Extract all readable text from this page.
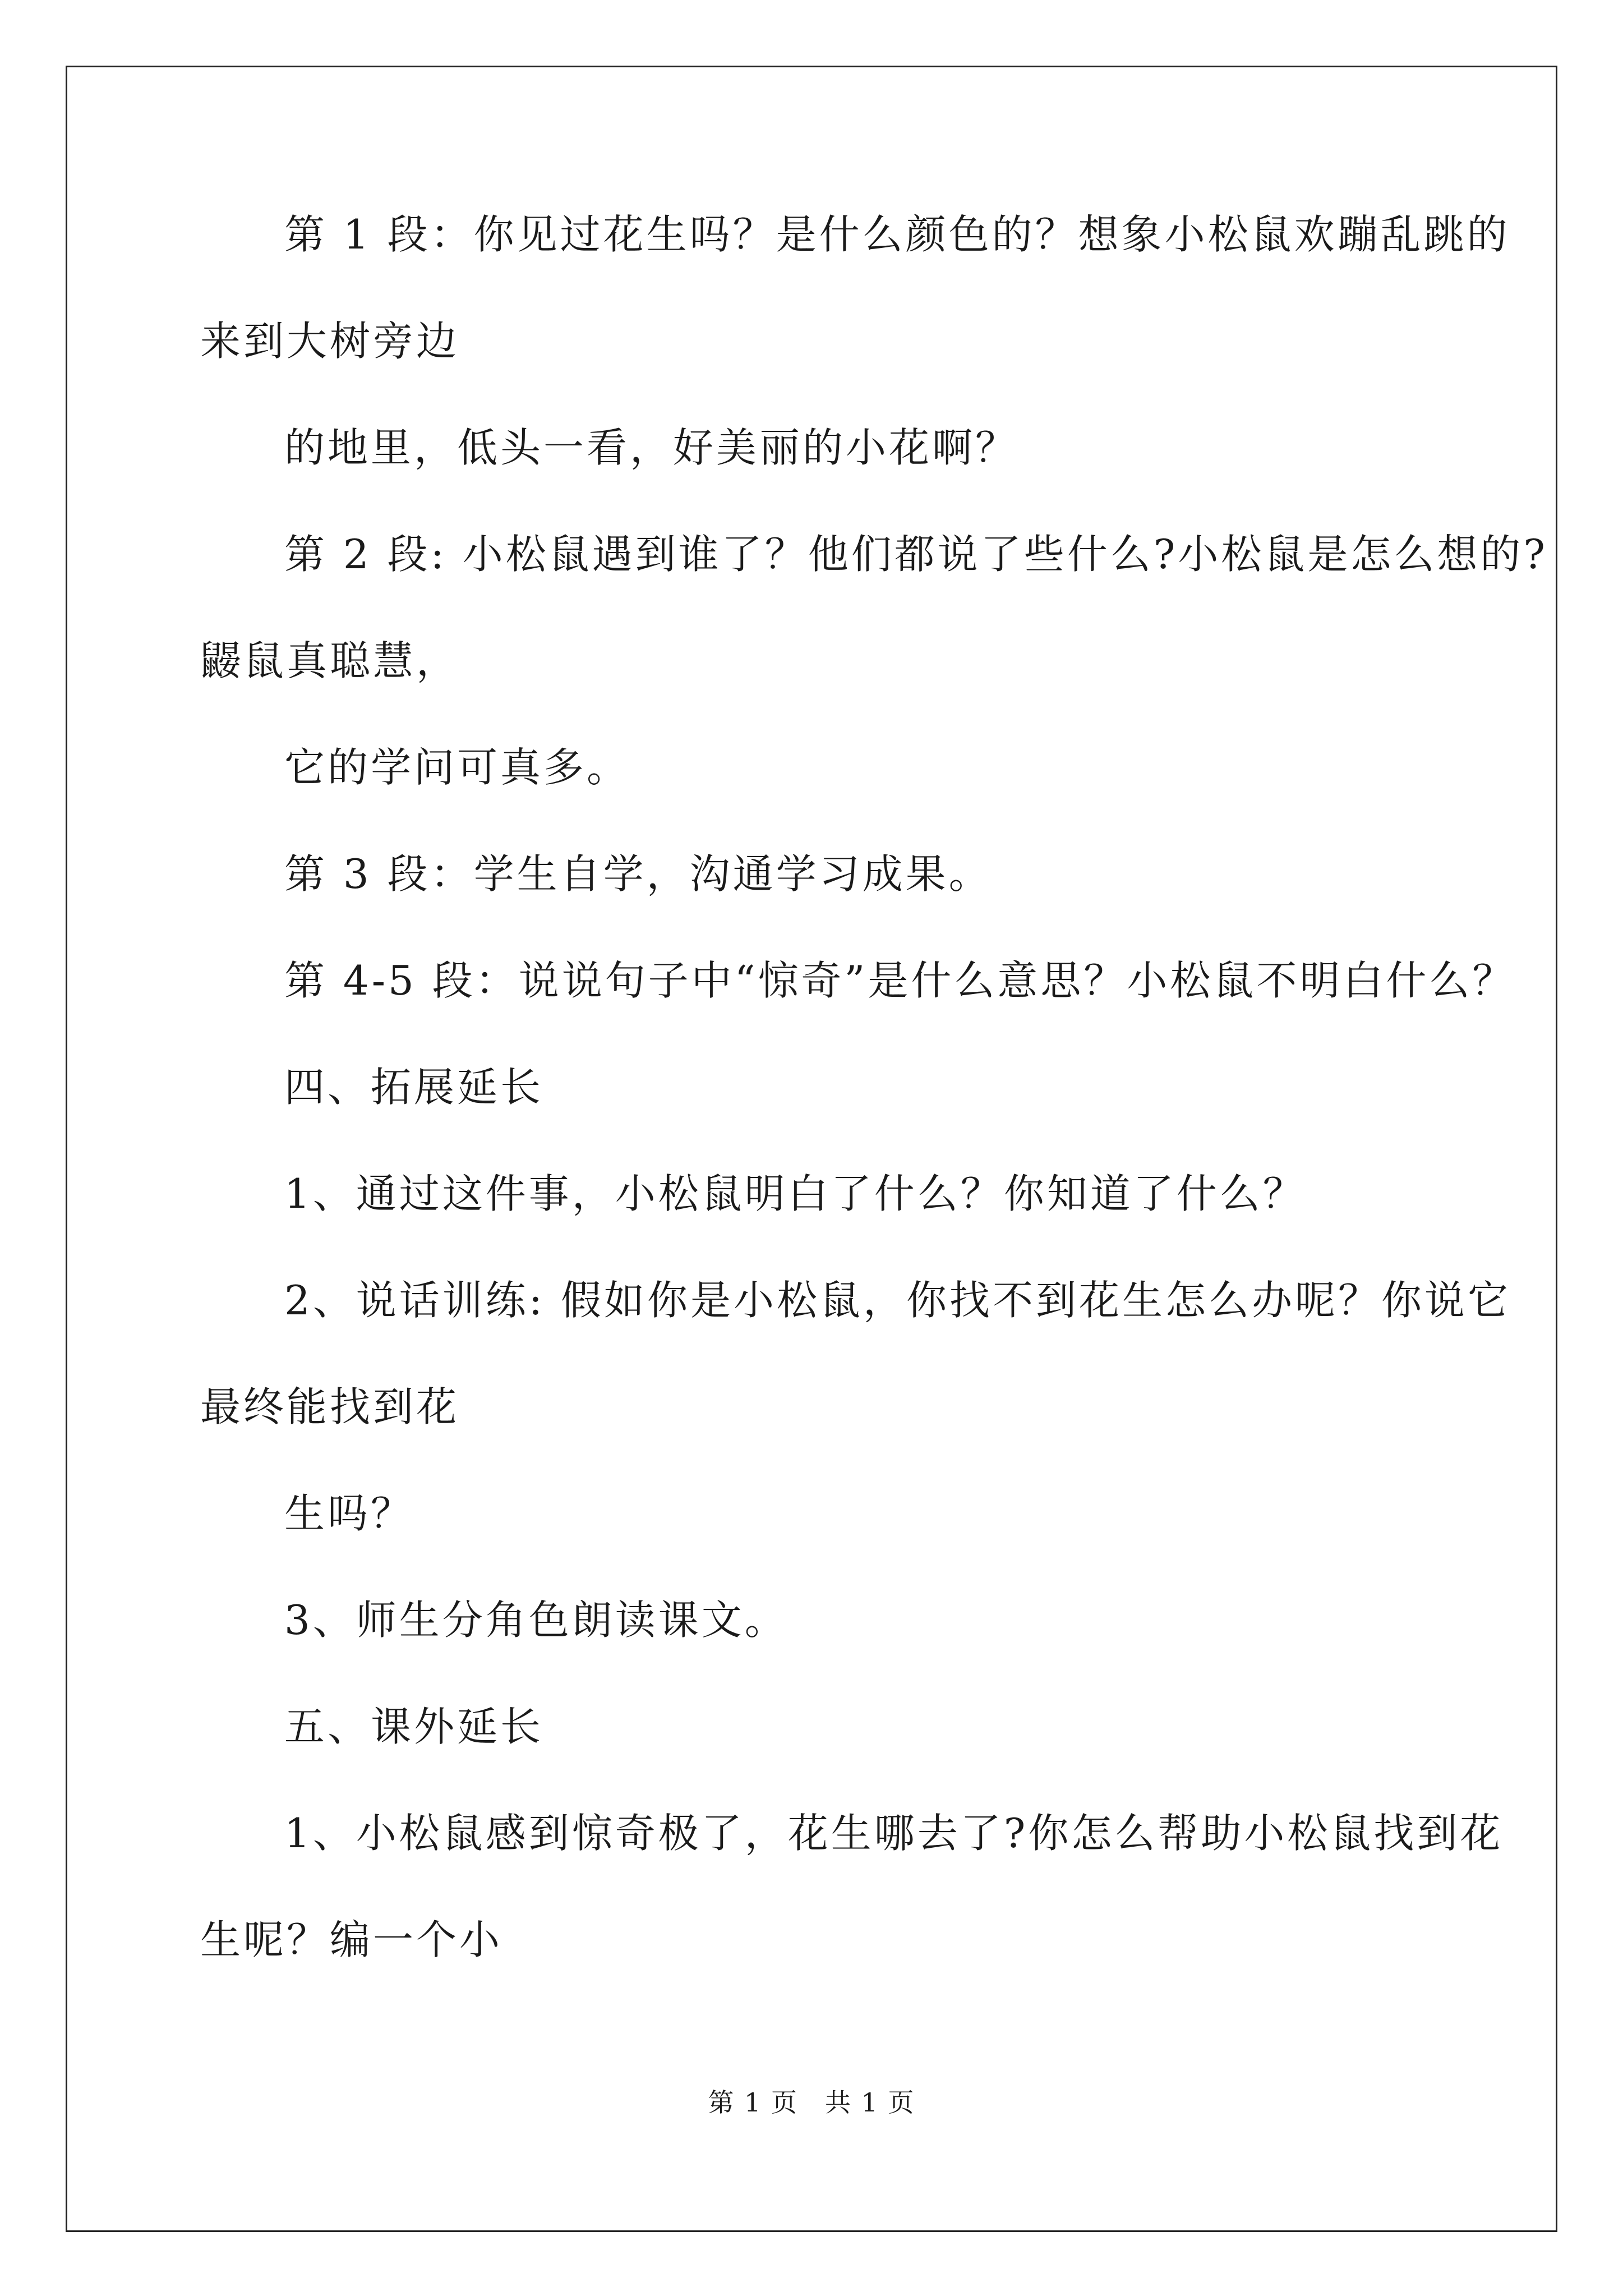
第 1 段：你见过花生吗？是什么颜色的？想象小松鼠欢蹦乱跳的
来到大树旁边
的地里，低头一看，好美丽的小花啊？
第 2 段: 小松鼠遇到谁了？他们都说了些什么?小松鼠是怎么想的?
鼹鼠真聪慧，
它的学问可真多。
第 3 段：学生自学，沟通学习成果。
第 4-5 段：说说句子中“惊奇”是什么意思？小松鼠不明白什么？
四、拓展延长
1、通过这件事，小松鼠明白了什么？你知道了什么？
2、说话训练: 假如你是小松鼠，你找不到花生怎么办呢？你说它
最终能找到花
生吗？
3、师生分角色朗读课文。
五、课外延长
1、小松鼠感到惊奇极了，花生哪去了?你怎么帮助小松鼠找到花
生呢？编一个小
第 1 页　共 1 页
